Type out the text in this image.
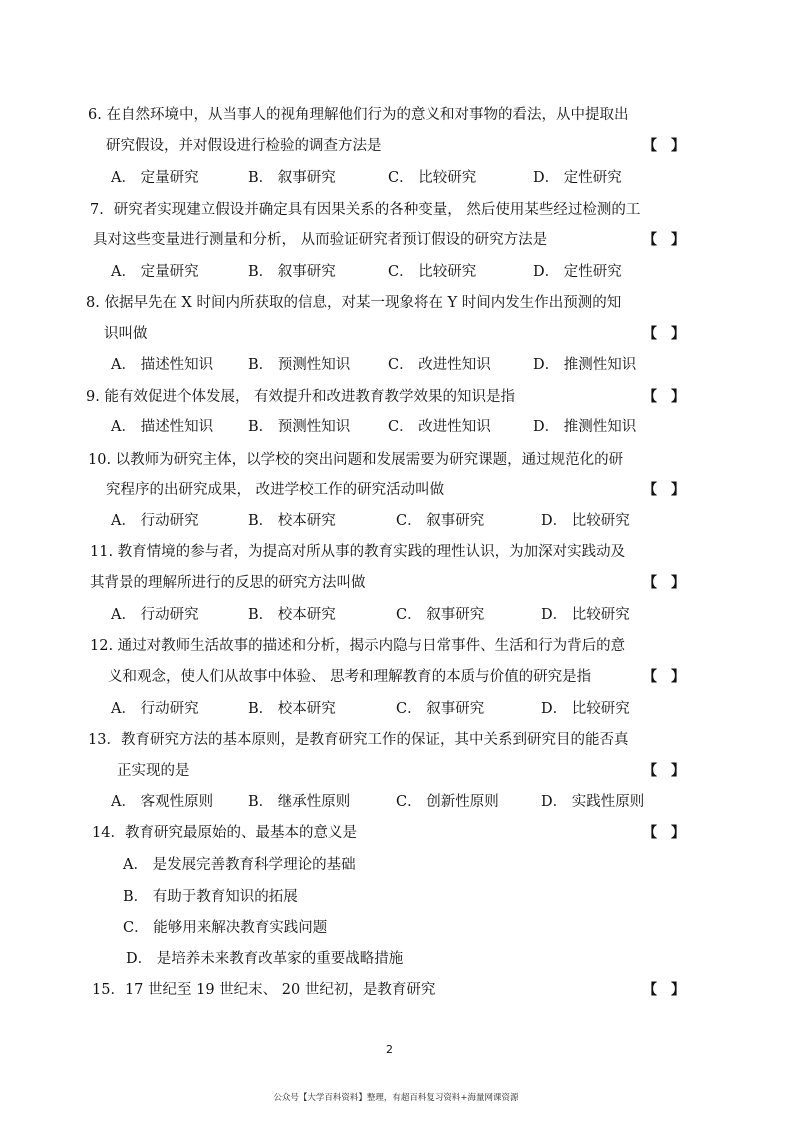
6. 在自然环境中，从当事人的视角理解他们行为的意义和对事物的看法，从中提取出
研究假设，并对假设进行检验的调查方法是	【 】
A． 定量研究	B． 叙事研究	C． 比较研究	D． 定性研究
7．研究者实现建立假设并确定具有因果关系的各种变量， 然后使用某些经过检测的工
具对这些变量进行测量和分析， 从而验证研究者预订假设的研究方法是	【 】
A． 定量研究	B． 叙事研究	C． 比较研究	D． 定性研究
8. 依据早先在 X 时间内所获取的信息，对某一现象将在 Y 时间内发生作出预测的知
识叫做	【 】
A． 描述性知识 B． 预测性知识	C． 改进性知识	D． 推测性知识
9. 能有效促进个体发展， 有效提升和改进教育教学效果的知识是指	【 】
A． 描述性知识 B． 预测性知识	C． 改进性知识	D． 推测性知识
10. 以教师为研究主体，以学校的突出问题和发展需要为研究课题，通过规范化的研
究程序的出研究成果， 改进学校工作的研究活动叫做	【 】
A． 行动研究	B． 校本研究	C． 叙事研究	D． 比较研究
11. 教育情境的参与者，为提高对所从事的教育实践的理性认识，为加深对实践动及
其背景的理解所进行的反思的研究方法叫做	【 】
A． 行动研究	B． 校本研究	C． 叙事研究	D． 比较研究
12. 通过对教师生活故事的描述和分析，揭示内隐与日常事件、生活和行为背后的意
义和观念，使人们从故事中体验、 思考和理解教育的本质与价值的研究是指	【 】
A． 行动研究	B． 校本研究	C． 叙事研究	D． 比较研究
13．教育研究方法的基本原则，是教育研究工作的保证，其中关系到研究目的能否真
正实现的是	【 】
A． 客观性原则 B． 继承性原则	C． 创新性原则	D． 实践性原则
14．教育研究最原始的、最基本的意义是	【 】
A． 是发展完善教育科学理论的基础
B． 有助于教育知识的拓展
C． 能够用来解决教育实践问题
D． 是培养未来教育改革家的重要战略措施
15．17 世纪至 19 世纪末、 20 世纪初，是教育研究	【 】
2
公众号【大学百科资料】整理，有超百科复习资料+海量网课资源
